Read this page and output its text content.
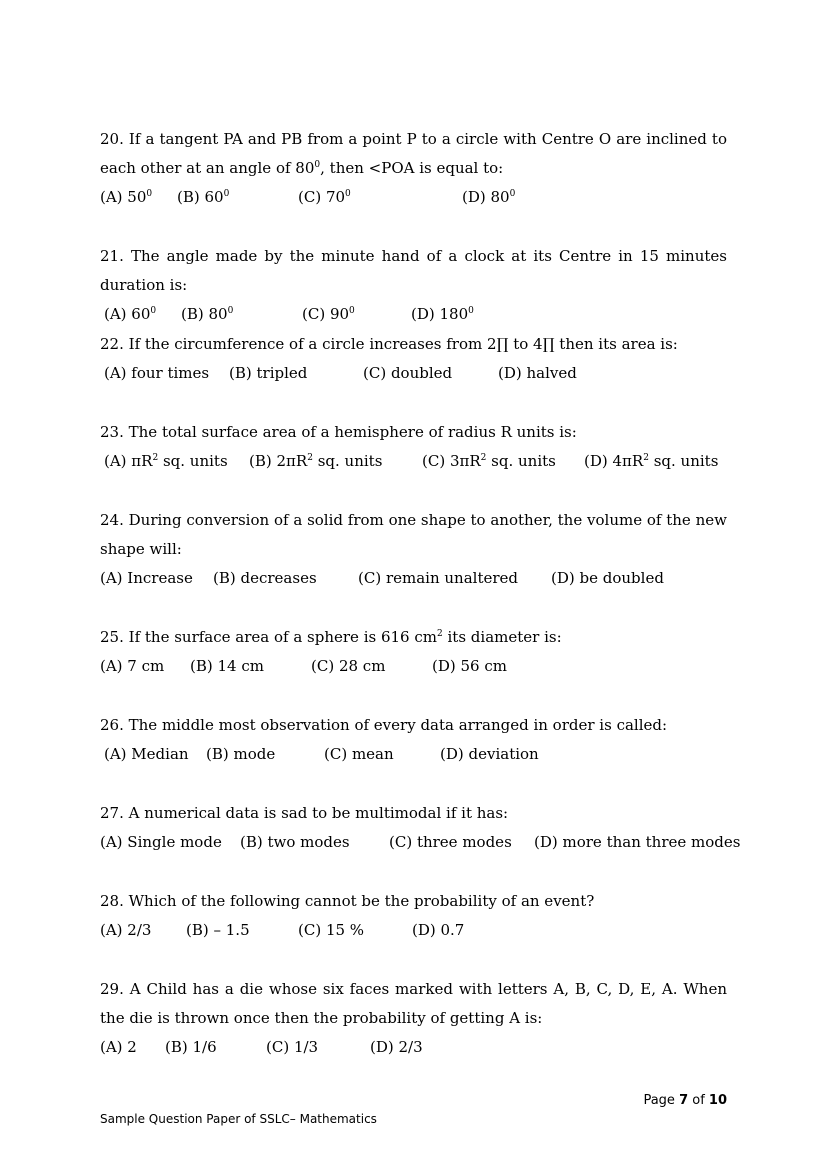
20. If a tangent PA and PB from a point P to a circle with Centre O are inclined to each other at an angle of $80^0$, then <POA is equal to:
(A) $50^0$ (B) $60^0$	(C) $70^0$	(D) $80^0$
21. The angle made by the minute hand of a clock at its Centre in 15 minutes duration is:
(A) $60^0$ (B) $80^0$	(C) $90^0$	(D) $180^0$
22. If the circumference of a circle increases from 2∏ to 4∏ then its area is:
(A) four times (B) tripled	(C) doubled	(D) halved
23. The total surface area of a hemisphere of radius R units is:
(A) $\pi R^2$ sq. units (B) $2\pi R^2$ sq. units	(C) $3\pi R^2$ sq. units (D) $4\pi R^2$ sq. units
24. During conversion of a solid from one shape to another, the volume of the new shape will:
(A) Increase (B) decreases	(C) remain unaltered (D) be doubled
25. If the surface area of a sphere is 616 $cm^2$ its diameter is:
(A) 7 cm (B) 14 cm	(C) 28 cm	(D) 56 cm
26. The middle most observation of every data arranged in order is called:
(A) Median (B) mode	(C) mean	(D) deviation
27. A numerical data is sad to be multimodal if it has:
(A) Single mode (B) two modes	(C) three modes (D) more than three modes
28. Which of the following cannot be the probability of an event?
(A) 2/3 (B) – 1.5	(C) 15 %	(D) 0.7
29. A Child has a die whose six faces marked with letters A, B, C, D, E, A. When the die is thrown once then the probability of getting A is:
(A) 2 (B) 1/6	(C) 1/3	(D) 2/3
Page 7 of 10
Sample Question Paper of SSLC– Mathematics
